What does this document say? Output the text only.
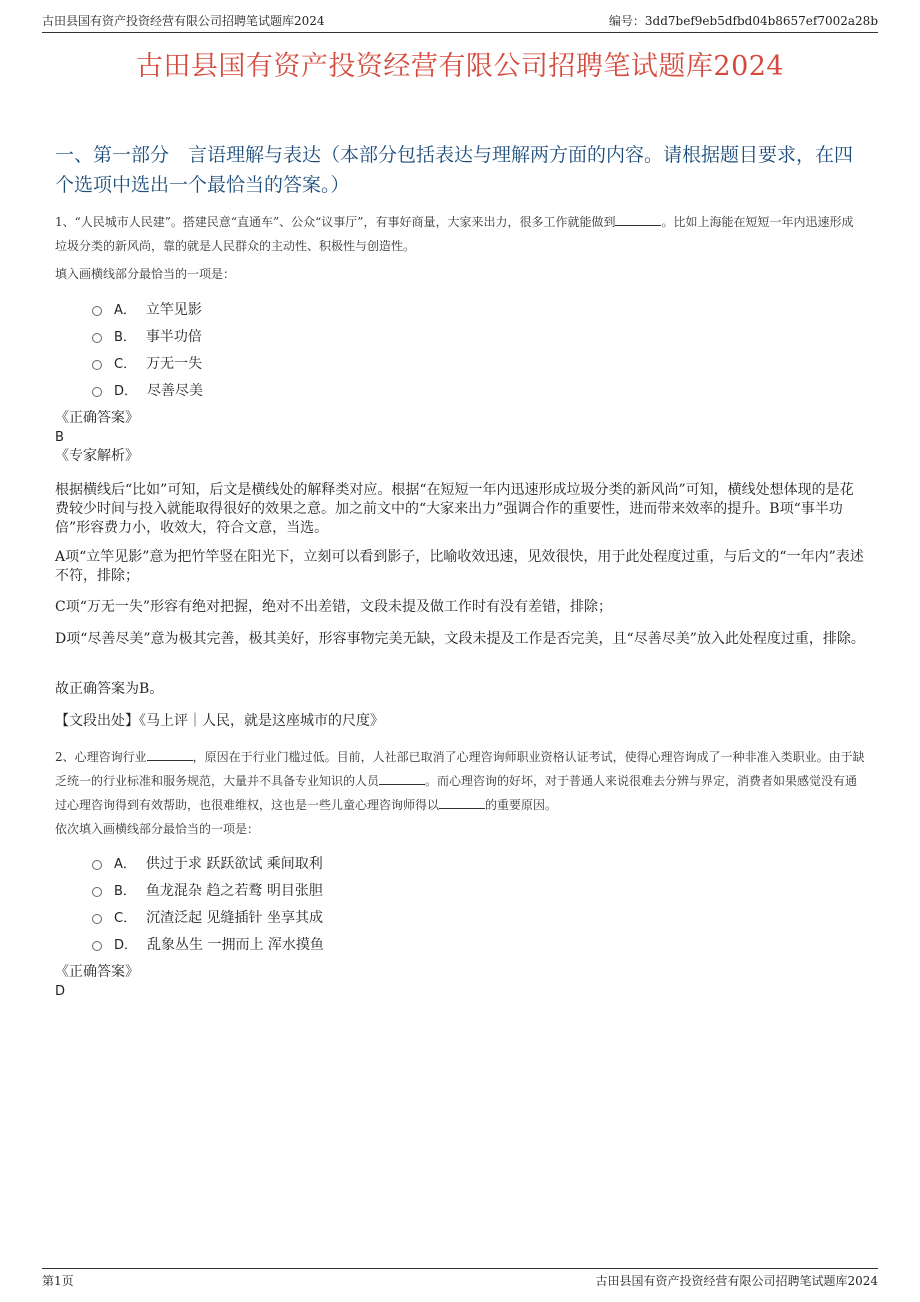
古田县国有资产投资经营有限公司招聘笔试题库2024	编号：3dd7bef9eb5dfbd04b8657ef7002a28b
古田县国有资产投资经营有限公司招聘笔试题库2024
一、第一部分　言语理解与表达（本部分包括表达与理解两方面的内容。请根据题目要求，在四个选项中选出一个最恰当的答案。）
1、“人民城市人民建”。搭建民意“直通车”、公众“议事厅”，有事好商量，大家来出力，很多工作就能做到	。比如上海能在短短一年内迅速形成垃圾分类的新风尚，靠的就是人民群众的主动性、积极性与创造性。
填入画横线部分最恰当的一项是：
A． 立竿见影
B． 事半功倍
C． 万无一失
D． 尽善尽美
《正确答案》
B
《专家解析》
根据横线后“比如”可知，后文是横线处的解释类对应。根据“在短短一年内迅速形成垃圾分类的新风尚”可知，横线处想体现的是花费较少时间与投入就能取得很好的效果之意。加之前文中的“大家来出力”强调合作的重要性，进而带来效率的提升。B项“事半功倍”形容费力小，收效大，符合文意，当选。
A项“立竿见影”意为把竹竿竖在阳光下，立刻可以看到影子，比喻收效迅速，见效很快，用于此处程度过重，与后文的“一年内”表述不符，排除；
C项“万无一失”形容有绝对把握，绝对不出差错，文段未提及做工作时有没有差错，排除；
D项“尽善尽美”意为极其完善，极其美好，形容事物完美无缺，文段未提及工作是否完美，且“尽善尽美”放入此处程度过重，排除。
故正确答案为B。
【文段出处】《马上评｜人民，就是这座城市的尺度》
2、心理咨询行业	，原因在于行业门槛过低。目前，人社部已取消了心理咨询师职业资格认证考试，使得心理咨询成了一种非准入类职业。由于缺乏统一的行业标准和服务规范，大量并不具备专业知识的人员	。而心理咨询的好坏，对于普通人来说很难去分辨与界定，消费者如果感觉没有通过心理咨询得到有效帮助，也很难维权，这也是一些儿童心理咨询师得以	的重要原因。
依次填入画横线部分最恰当的一项是：
A． 供过于求 跃跃欲试 乘间取利
B． 鱼龙混杂 趋之若鹜 明目张胆
C． 沉渣泛起 见缝插针 坐享其成
D． 乱象丛生 一拥而上 浑水摸鱼
《正确答案》
D
第1页	古田县国有资产投资经营有限公司招聘笔试题库2024
